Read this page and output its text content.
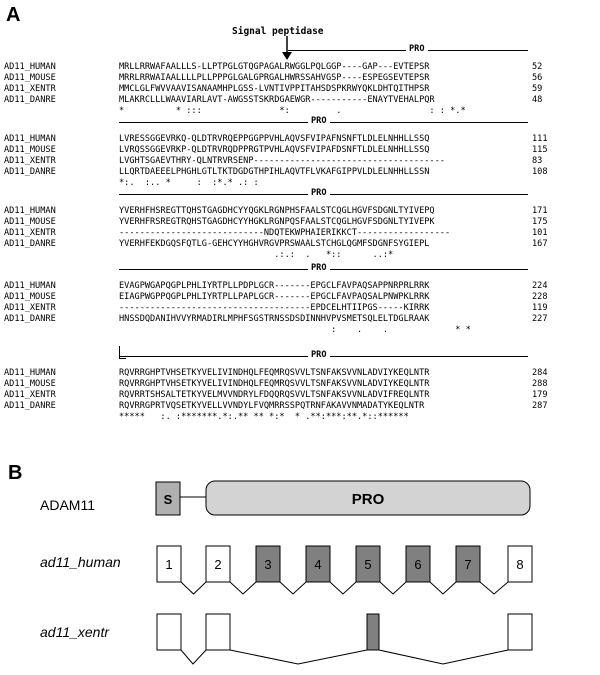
A
Signal peptidase
PRO
AD11_HUMAN	MRLLRRWAFAALLLS-LLPTPGLGTQGPAGALRWGGLPQLGGP----GAP---EVTEPSR	52
AD11_MOUSE	MRRLRRWAIAALLLLPLLPPPGLGALGPRGALHWRSSAHVGSP----ESPEGSEVTEPSR	56
AD11_XENTR	MMCLGLFWVVAAVISANAAMHPLGSS-LVNTIVPPITAHSDSPKRWYQKLDHTQITHPSR	59
AD11_DANRE	MLAKRCLLLWAAVIARLAVT-AWGSSTSKRDGAEWGR-----------ENAYTVEHALPQR	48
*          * :::               *:         .                 : : *.*
PRO
AD11_HUMAN	LVRESSGGEVRKQ-QLDTRVRQEPPGGPPVHLAQVSFVIPAFNSNFTLDLELNHHLLSSQ	111
AD11_MOUSE	LVRQSSGGEVRKP-QLDTRVRQDPPRGTPVHLAQVSFVIPAFDSNFTLDLELNHHLLSSQ	115
AD11_XENTR	LVGHTSGAEVTHRY-QLNTRVRSENP-------------------------------------	83
AD11_DANRE	LLQRTDAEEELPHGHLGTLTKTDGDGTHPIHLAQVTFLVKAFGIPPVLDLELNHHLLSSN	108
*:.  :.. *     :  :*.* .: :
PRO
AD11_HUMAN	YVERHFHSREGTTQHSTGAGDHCYYQGKLRGNPHSFAALSTCQGLHGVFSDGNLTYIVEPQ	171
AD11_MOUSE	YVERHFRSREGTRQHSTGAGDHCYYHGKLRGNPQSFAALSTCQGLHGVFSDGNLTYIVEPK	175
AD11_XENTR	----------------------------NDQTEKWPHAIERIKKCT------------------	101
AD11_DANRE	YVERHFEKDGQSFQTLG-GEHCYYHGHVRGVPRSWAALSTCHGLQGMFSDGNFSYGIEPL	167
.:.:  .   *::      ..:*
PRO
AD11_HUMAN	EVAGPWGAPQGPLPHLIYRTPLLPDPLGCR-------EPGCLFAVPAQSAPPNRPRLRRK	224
AD11_MOUSE	EIAGPWGPPQGPLPHLIYRTPLLPAPLGCR-------EPGCLFAVPAQSALPNWPKLRRK	228
AD11_XENTR	-------------------------------------EPDCELHTIIPGS-----KIRRK	119
AD11_DANRE	HNSSDQDANIHVVYRMADIRLMPHFSGSTRNSSDSDINNHVPVSMETSQLELTDGLRAAK	227
:    .    .             * *
PRO
AD11_HUMAN	RQVRRGHPTVHSETKYVELIVINDHQLFEQMRQSVVLTSNFAKSVVNLADVIYKEQLNTR	284
AD11_MOUSE	RQVRRGHPTVHSETKYVELIVINDHQLFEQMRQSVVLTSNFAKSVVNLADVIYKEQLNTR	288
AD11_XENTR	RQVRRTSHSALTETKYVELMVVNDRYLFDQQRQSVVLTSNFAKSVVNLADVIFREQLNTR	179
AD11_DANRE	RQVRRGPRTVQSETKYVELLVVNDYLFVQMRRSSPQTRNFAKAVVNMADATYKEQLNTR	287
*****   :. :*******.*:.** ** *:*  * .**:***:**.*::******
B
ADAM11	S	PRO
ad11_human	1	2	3	4	5	6	7	8
ad11_xentr
